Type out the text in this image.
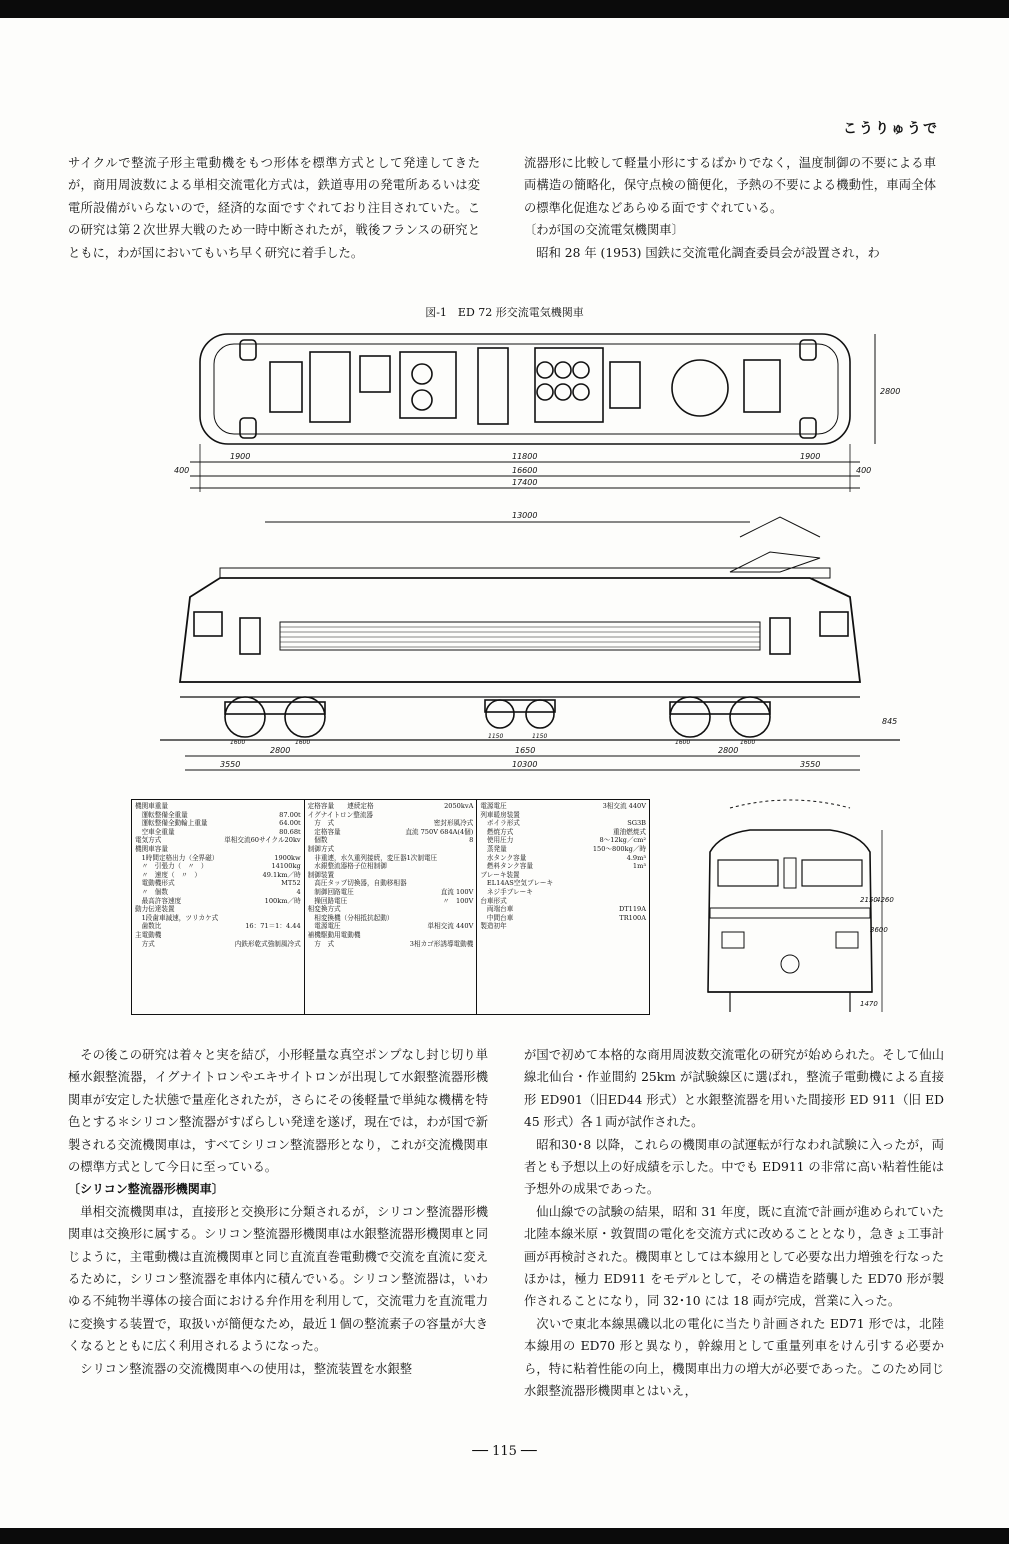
こうりゅうで

サイクルで整流子形主電動機をもつ形体を標準方式として発達してきたが，商用周波数による単相交流電化方式は，鉄道専用の発電所あるいは変電所設備がいらないので，経済的な面ですぐれており注目されていた。この研究は第２次世界大戦のため一時中断されたが，戦後フランスの研究とともに，わが国においてもいち早く研究に着手した。

流器形に比較して軽量小形にするばかりでなく，温度制御の不要による車両構造の簡略化，保守点検の簡便化，予熱の不要による機動性，車両全体の標準化促進などあらゆる面ですぐれている。

〔わが国の交流電気機関車〕

昭和 28 年 (1953) 国鉄に交流電化調査委員会が設置され，わ

図-1　ED 72 形交流電気機関車
1900	11800	1900
16600
17400
400	400
2800
13000
2800	1650	2800
3550	10300	3550
845
1600	1600
1150	1150
1600	1600
機関車重量
　運転整備全重量	87.00t
　運転整備全動輪上重量	64.00t
　空車全重量	80.68t
電気方式	単相交流60サイクル20kv
機関車容量
　1時間定格出力（全界磁）	1900kw
　〃　引張力（　〃　）	14100kg
　〃　速度（　〃　）	49.1km／時
　電動機形式	MT52
　〃　個数	4
　最高許容速度	100km／時
動力伝達装置
　1段歯車減速，ツリカケ式
　歯数比	16：71＝1：4.44
主電動機
　方式	内鉄形乾式強制風冷式
定格容量　　連続定格	2050kvA
イグナイトロン整流器
　方　式	密封形風冷式
　定格容量	直流 750V 684A(4個)
　個数	8
制御方式
　非重連，水久重列接続，変圧器1次制電圧
　水銀整流器格子位相制御
制御装置
　高圧タップ切換器，自動移相器
　制御回路電圧	直流 100V
　操回路電圧	〃　100V
相変換方式
　相変換機（分相抵抗起動）
　電源電圧	単相交流 440V
補機駆動用電動機
　方　式	3相カゴ形誘導電動機
電源電圧	3相交流 440V
列車暖房装置
　ボイラ形式	SG3B
　燃焼方式	重油燃焼式
　使用圧力	8〜12kg／cm²
　蒸発量	150〜800kg／時
　水タンク容量	4.9m³
　燃料タンク容量	1m³
ブレーキ装置
　EL14AS空気ブレーキ
　ネジ手ブレーキ
台車形式
　両端台車	DT119A
　中間台車	TR100A
製造初年
2150
3600
4260
1470

その後この研究は着々と実を結び，小形軽量な真空ポンプなし封じ切り単極水銀整流器，イグナイトロンやエキサイトロンが出現して水銀整流器形機関車が安定した状態で量産化されたが，さらにその後軽量で単純な機構を特色とする＊シリコン整流器がすばらしい発達を遂げ，現在では，わが国で新製される交流機関車は，すべてシリコン整流器形となり，これが交流機関車の標準方式として今日に至っている。

〔シリコン整流器形機関車〕

単相交流機関車は，直接形と交換形に分類されるが，シリコン整流器形機関車は交換形に属する。シリコン整流器形機関車は水銀整流器形機関車と同じように，主電動機は直流機関車と同じ直流直巻電動機で交流を直流に変えるために，シリコン整流器を車体内に積んでいる。シリコン整流器は，いわゆる不純物半導体の接合面における弁作用を利用して，交流電力を直流電力に変換する装置で，取扱いが簡便なため，最近１個の整流素子の容量が大きくなるとともに広く利用されるようになった。

シリコン整流器の交流機関車への使用は，整流装置を水銀整

が国で初めて本格的な商用周波数交流電化の研究が始められた。そして仙山線北仙台・作並間約 25km が試験線区に選ばれ，整流子電動機による直接形 ED901（旧ED44 形式）と水銀整流器を用いた間接形 ED 911（旧 ED 45 形式）各１両が試作された。

昭和30･8 以降，これらの機関車の試運転が行なわれ試験に入ったが，両者とも予想以上の好成績を示した。中でも ED911 の非常に高い粘着性能は予想外の成果であった。

仙山線での試験の結果，昭和 31 年度，既に直流で計画が進められていた北陸本線米原・敦賀間の電化を交流方式に改めることとなり，急きょ工事計画が再検討された。機関車としては本線用として必要な出力増強を行なったほかは，極力 ED911 をモデルとして，その構造を踏襲した ED70 形が製作されることになり，同 32･10 には 18 両が完成，営業に入った。

次いで東北本線黒磯以北の電化に当たり計画された ED71 形では，北陸本線用の ED70 形と異なり，幹線用として重量列車をけん引する必要から，特に粘着性能の向上，機関車出力の増大が必要であった。このため同じ水銀整流器形機関車とはいえ，

── 115 ──
